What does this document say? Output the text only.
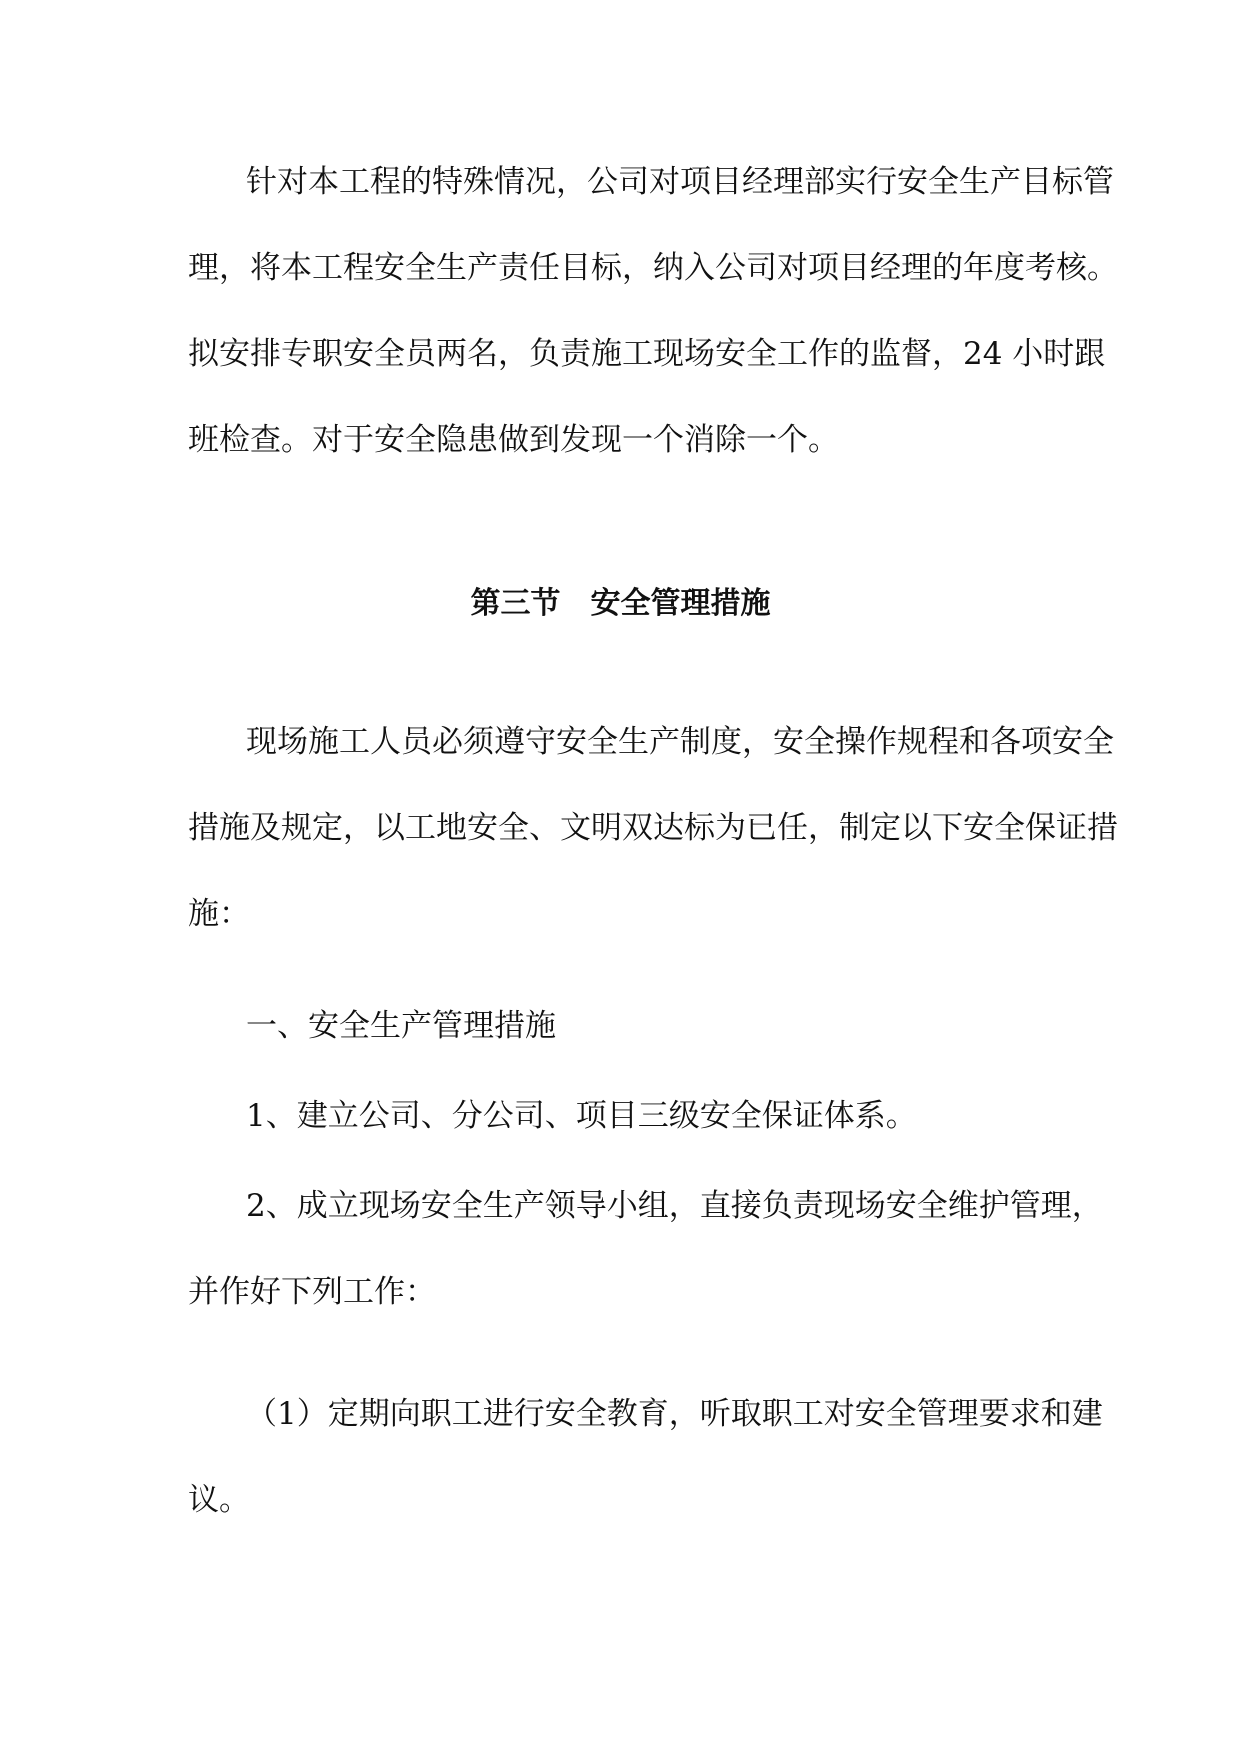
针对本工程的特殊情况，公司对项目经理部实行安全生产目标管
理，将本工程安全生产责任目标，纳入公司对项目经理的年度考核。
拟安排专职安全员两名，负责施工现场安全工作的监督，24 小时跟
班检查。对于安全隐患做到发现一个消除一个。
第三节 安全管理措施
现场施工人员必须遵守安全生产制度，安全操作规程和各项安全
措施及规定，以工地安全、文明双达标为已任，制定以下安全保证措
施：
一、安全生产管理措施
1、建立公司、分公司、项目三级安全保证体系。
2、成立现场安全生产领导小组，直接负责现场安全维护管理，
并作好下列工作：
（1）定期向职工进行安全教育，听取职工对安全管理要求和建
议。
